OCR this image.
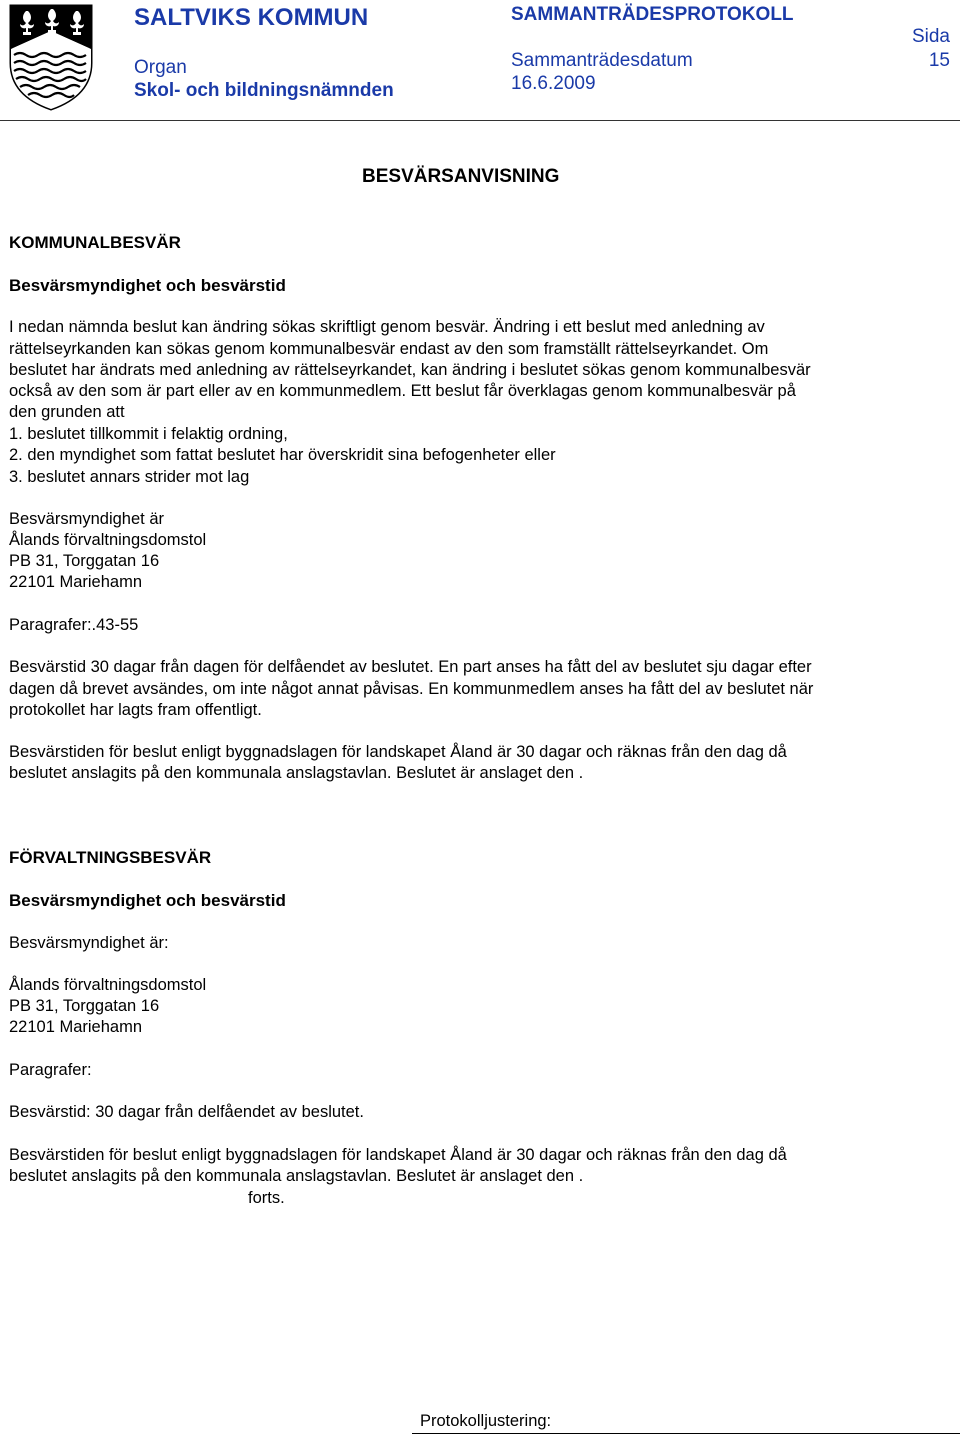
SALTVIKS KOMMUN	SAMMANTRÄDESPROTOKOLL
Sida
15
Organ
Skol- och bildningsnämnden
Sammanträdesdatum
16.6.2009
BESVÄRSANVISNING
KOMMUNALBESVÄR
Besvärsmyndighet och besvärstid
I nedan nämnda beslut kan ändring sökas skriftligt genom besvär. Ändring i ett beslut med anledning av
rättelseyrkanden kan sökas genom kommunalbesvär endast av den som framställt rättelseyrkandet. Om
beslutet har ändrats med anledning av rättelseyrkandet, kan ändring i beslutet sökas genom kommunalbesvär
också av den som är part eller av en kommunmedlem. Ett beslut får överklagas genom kommunalbesvär på
den grunden att
1. beslutet tillkommit i felaktig ordning,
2. den myndighet som fattat beslutet har överskridit sina befogenheter eller
3. beslutet annars strider mot lag
Besvärsmyndighet är
Ålands förvaltningsdomstol
PB 31, Torggatan 16
22101 Mariehamn
Paragrafer:.43-55
Besvärstid 30 dagar från dagen för delfåendet av beslutet. En part anses ha fått del av beslutet sju dagar efter
dagen då brevet avsändes, om inte något annat påvisas. En kommunmedlem anses ha fått del av beslutet när
protokollet har lagts fram offentligt.
Besvärstiden för beslut enligt byggnadslagen för landskapet Åland är 30 dagar och räknas från den dag då
beslutet anslagits på den kommunala anslagstavlan. Beslutet är anslaget den .
FÖRVALTNINGSBESVÄR
Besvärsmyndighet och besvärstid
Besvärsmyndighet är:
Ålands förvaltningsdomstol
PB 31, Torggatan 16
22101 Mariehamn
Paragrafer:
Besvärstid: 30 dagar från delfåendet av beslutet.
Besvärstiden för beslut enligt byggnadslagen för landskapet Åland är 30 dagar och räknas från den dag då
beslutet anslagits på den kommunala anslagstavlan. Beslutet är anslaget den .
forts.
Protokolljustering:
